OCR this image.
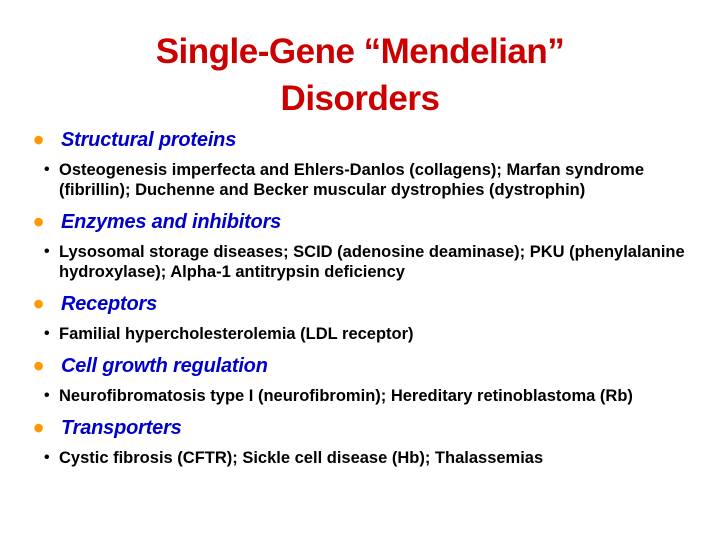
Single-Gene “Mendelian”
Disorders
• Structural proteins
• Osteogenesis imperfecta and Ehlers-Danlos (collagens); Marfan syndrome (fibrillin); Duchenne and Becker muscular dystrophies (dystrophin)
• Enzymes and inhibitors
• Lysosomal storage diseases; SCID (adenosine deaminase); PKU (phenylalanine hydroxylase); Alpha-1 antitrypsin deficiency
• Receptors
• Familial hypercholesterolemia (LDL receptor)
• Cell growth regulation
• Neurofibromatosis type I (neurofibromin); Hereditary retinoblastoma (Rb)
• Transporters
• Cystic fibrosis (CFTR); Sickle cell disease (Hb); Thalassemias
